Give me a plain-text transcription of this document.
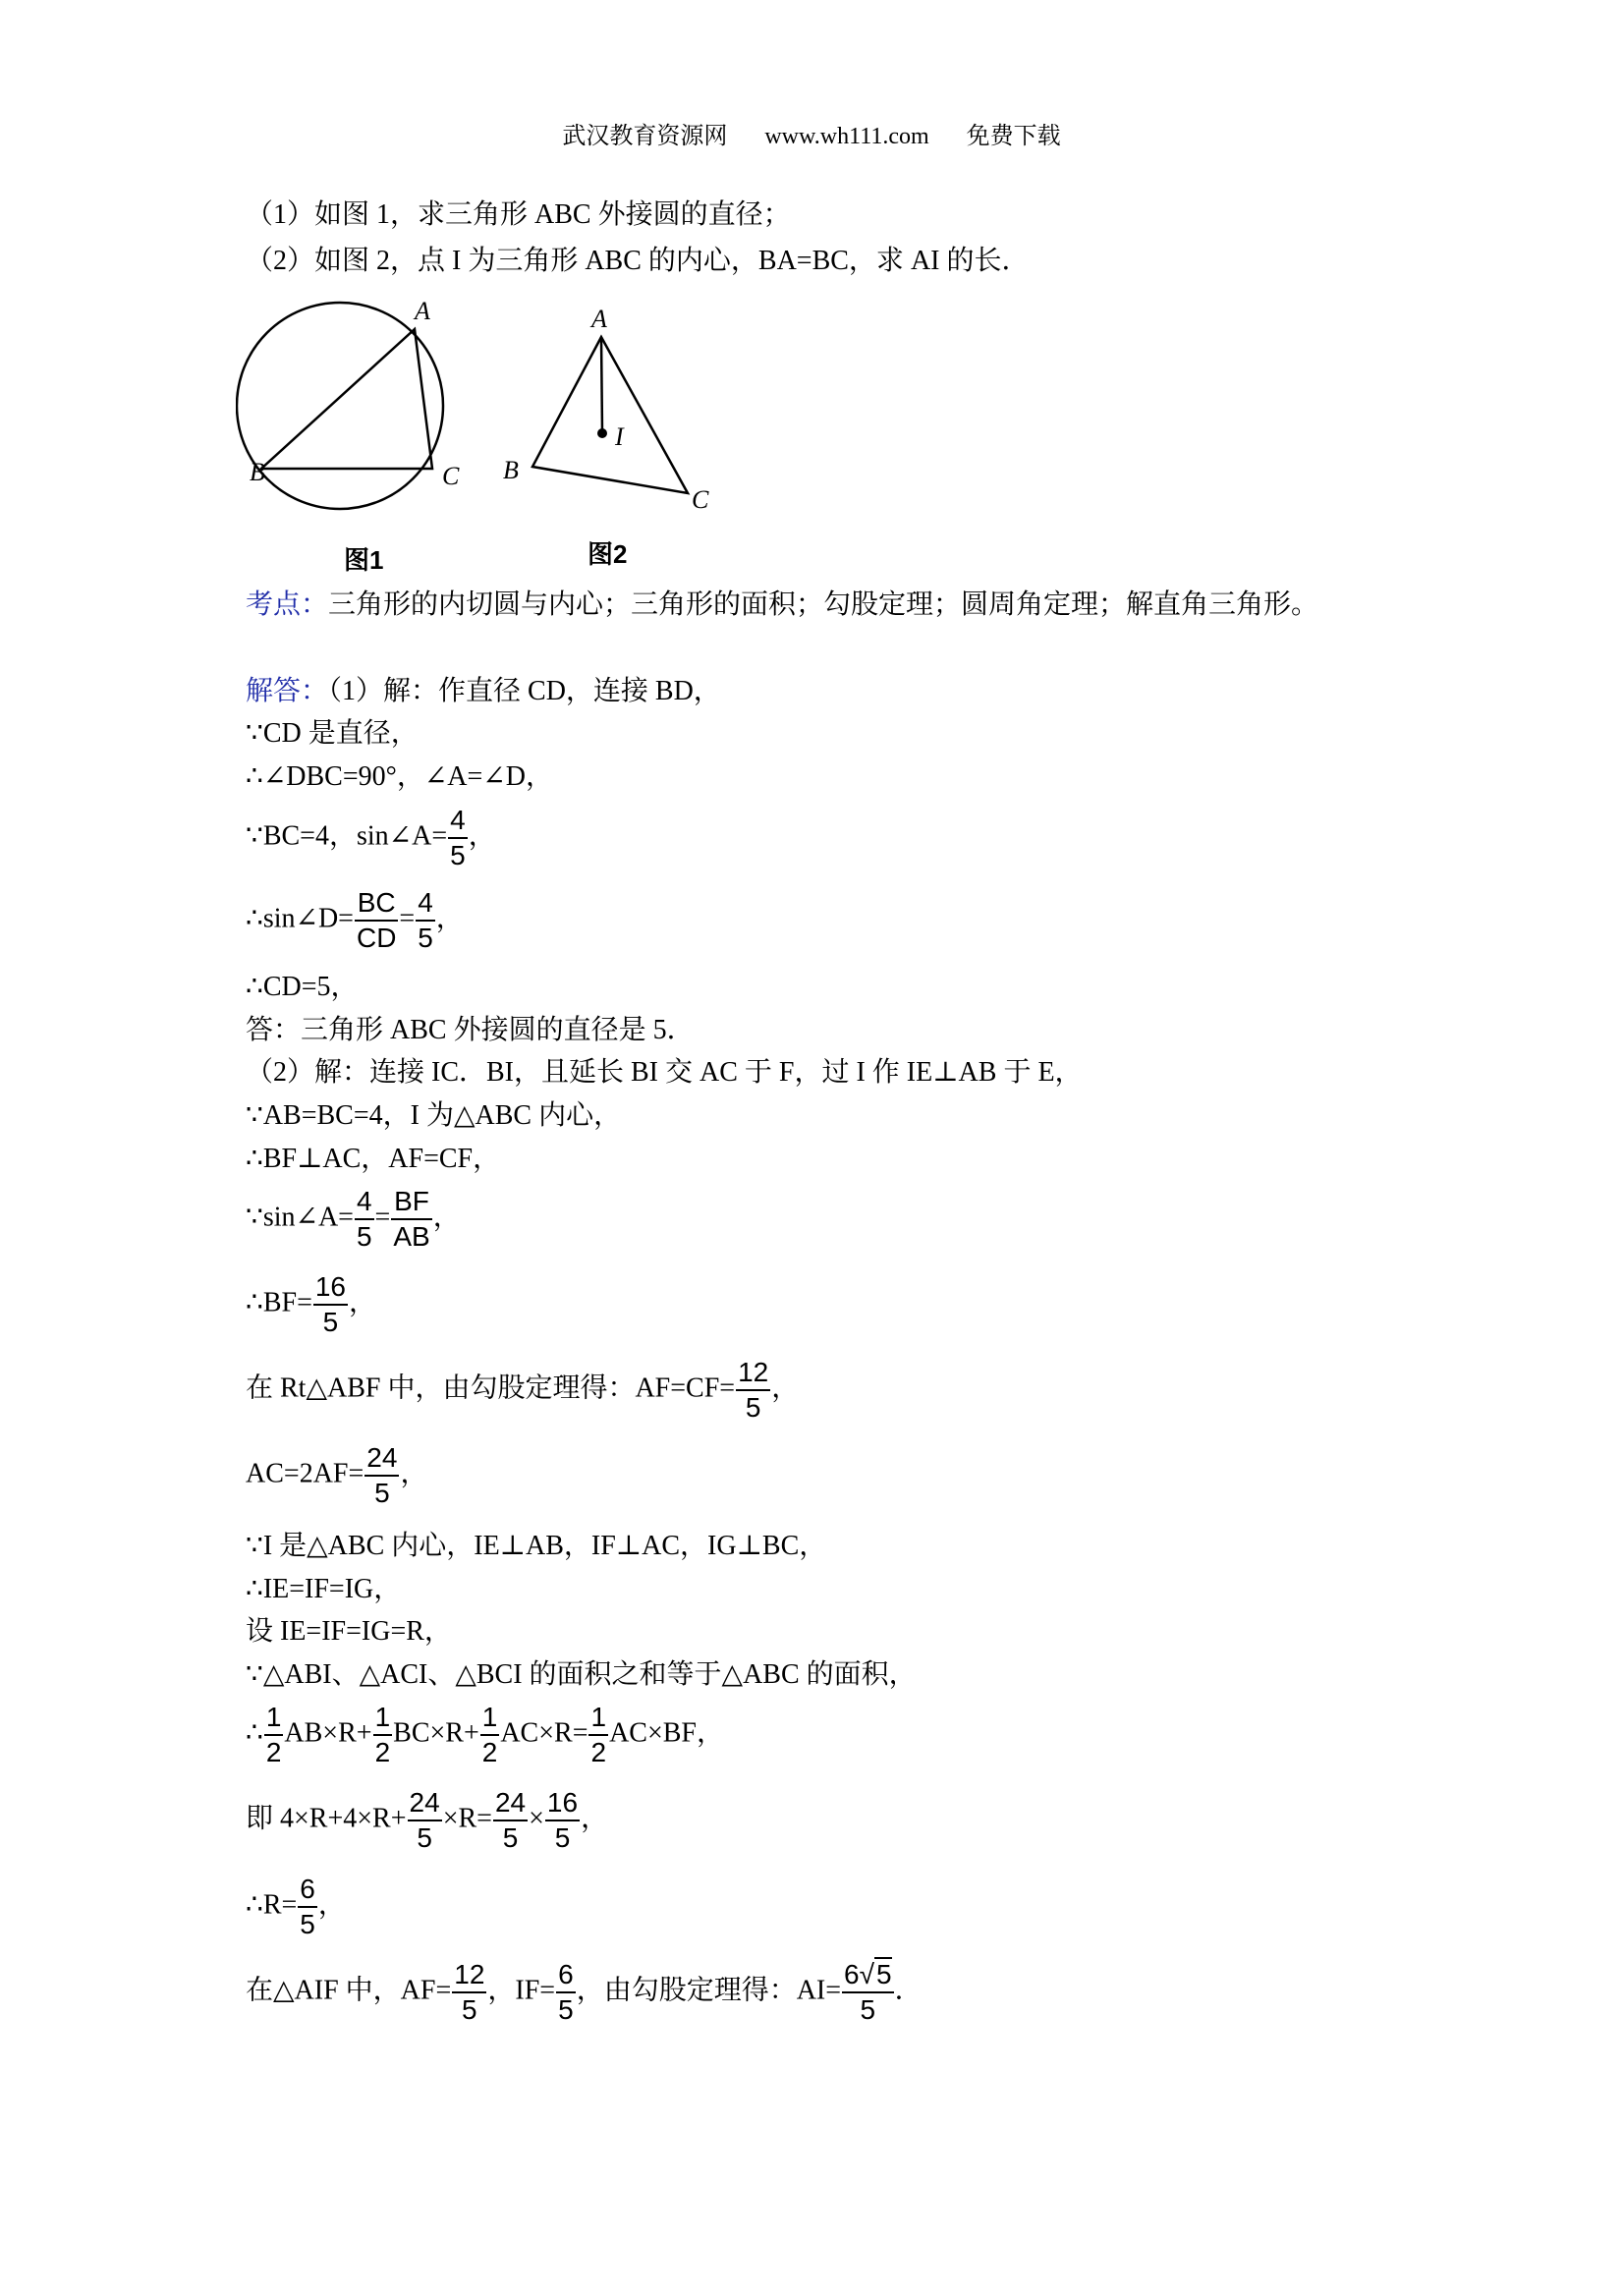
武汉教育资源网 www.wh111.com 免费下载
（1）如图 1，求三角形 ABC 外接圆的直径；
（2）如图 2，点 I 为三角形 ABC 的内心，BA=BC，求 AI 的长．
A
B	C
图1
A
I
B
C
图2
考点：三角形的内切圆与内心；三角形的面积；勾股定理；圆周角定理；解直角三角形。
解答：（1）解：作直径 CD，连接 BD，
∵CD 是直径，
∴∠DBC=90°，∠A=∠D，
∵BC=4，sin∠A= $\frac{4}{5}$ ，
∴sin∠D= $\frac{BC}{CD} = \frac{4}{5}$ ，
∴CD=5，
答：三角形 ABC 外接圆的直径是 5．
（2）解：连接 IC．BI，且延长 BI 交 AC 于 F，过 I 作 IE⊥AB 于 E，
∵AB=BC=4，I 为△ABC 内心，
∴BF⊥AC，AF=CF，
∵sin∠A= $\frac{4}{5} = \frac{BF}{AB}$ ，
∴BF= $\frac{16}{5}$ ，
在 Rt△ABF 中，由勾股定理得：$AF=CF= \frac{12}{5}$ ，
$AC=2AF= \frac{24}{5}$ ，
∵I 是△ABC 内心，IE⊥AB，IF⊥AC，IG⊥BC，
∴IE=IF=IG，
设 IE=IF=IG=R，
∵△ABI、△ACI、△BCI 的面积之和等于△ABC 的面积，
∴ $\frac{1}{2} AB\times R+ \frac{1}{2} BC\times R+ \frac{1}{2} AC\times R= \frac{1}{2} AC\times BF$，
即 $4\times R+4\times R+ \frac{24}{5} \times R= \frac{24}{5} \times \frac{16}{5}$ ，
∴R= $\frac{6}{5}$ ，
在△AIF 中，$AF= \frac{12}{5}$ ，$IF= \frac{6}{5}$ ，由勾股定理得：$AI= \frac{6√5}{5}$ ．
